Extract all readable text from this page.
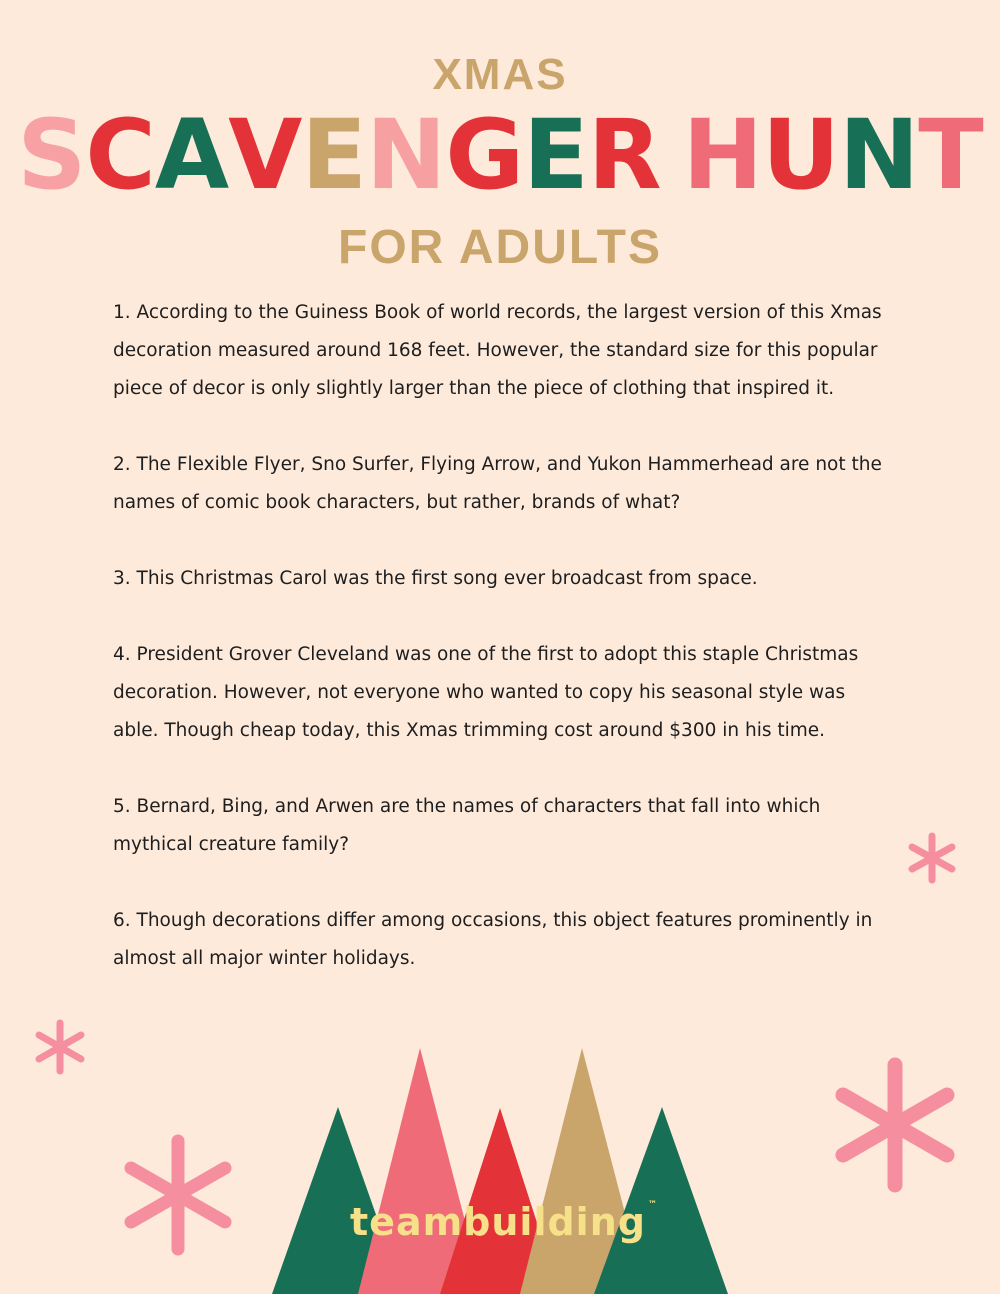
XMAS
SCAVENGER HUNT
FOR ADULTS

1. According to the Guiness Book of world records, the largest version of this Xmas decoration measured around 168 feet. However, the standard size for this popular piece of decor is only slightly larger than the piece of clothing that inspired it.

2. The Flexible Flyer, Sno Surfer, Flying Arrow, and Yukon Hammerhead are not the names of comic book characters, but rather, brands of what?

3. This Christmas Carol was the first song ever broadcast from space.

4. President Grover Cleveland was one of the first to adopt this staple Christmas decoration. However, not everyone who wanted to copy his seasonal style was able. Though cheap today, this Xmas trimming cost around $300 in his time.

5. Bernard, Bing, and Arwen are the names of characters that fall into which mythical creature family?

6. Though decorations differ among occasions, this object features prominently in almost all major winter holidays.

teambuilding ™
